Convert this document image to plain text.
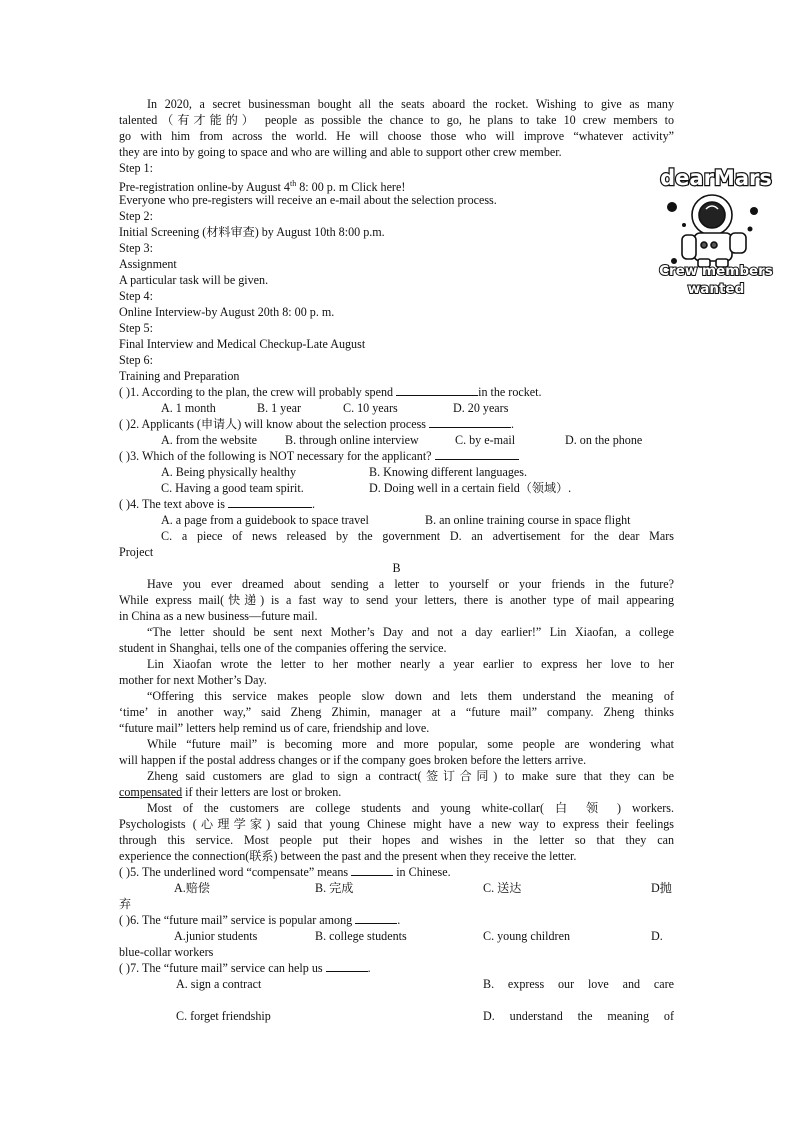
In 2020, a secret businessman bought all the seats aboard the rocket. Wishing to give as many
talented（有才能的） people as possible the chance to go, he plans to take 10 crew members to
go with him from across the world. He will choose those who will improve “whatever activity”
they are into by going to space and who are willing and able to support other crew member.
Step 1:
Pre-registration online-by August 4th 8: 00 p. m Click here!
Everyone who pre-registers will receive an e-mail about the selection process.
Step 2:
Initial Screening (材料审查) by August 10th 8:00 p.m.
Step 3:
Assignment
A particular task will be given.
Step 4:
Online Interview-by August 20th 8: 00 p. m.
Step 5:
Final Interview and Medical Checkup-Late August
Step 6:
Training and Preparation
( )1. According to the plan, the crew will probably spend	in the rocket.
A. 1 month	B. 1 year	C. 10 years	D. 20 years
( )2. Applicants (申请人) will know about the selection process	.
A. from the website B. through online interview	C. by e-mail	D. on the phone
( )3. Which of the following is NOT necessary for the applicant?
A. Being physically healthy	B. Knowing different languages.
C. Having a good team spirit.	D. Doing well in a certain field（领域）.
( )4. The text above is	.
A. a page from a guidebook to space travel	B. an online training course in space flight
C. a piece of news released by the government D. an advertisement for the dear Mars
Project
B
Have you ever dreamed about sending a letter to yourself or your friends in the future?
While express mail(快递) is a fast way to send your letters, there is another type of mail appearing
in China as a new business—future mail.
“The letter should be sent next Mother’s Day and not a day earlier!” Lin Xiaofan, a college
student in Shanghai, tells one of the companies offering the service.
Lin Xiaofan wrote the letter to her mother nearly a year earlier to express her love to her
mother for next Mother’s Day.
“Offering this service makes people slow down and lets them understand the meaning of
‘time’ in another way,” said Zheng Zhimin, manager at a “future mail” company. Zheng thinks
“future mail” letters help remind us of care, friendship and love.
While “future mail” is becoming more and more popular, some people are wondering what
will happen if the postal address changes or if the company goes broken before the letters arrive.
Zheng said customers are glad to sign a contract(签订合同) to make sure that they can be
compensated if their letters are lost or broken.
Most of the customers are college students and young white-collar( 白 领 ) workers.
Psychologists (心理学家) said that young Chinese might have a new way to express their feelings
through this service. Most people put their hopes and wishes in the letter so that they can
experience the connection(联系) between the past and the present when they receive the letter.
( )5. The underlined word “compensate” means	in Chinese.
A.赔偿	B. 完成	C. 送达	D抛
弃
( )6. The “future mail” service is popular among	.
A.junior students	B. college students	C. young children	D.
blue-collar workers
( )7. The “future mail” service can help us	.
A. sign a contract	B. express our love and care
C. forget friendship	D. understand the meaning of
dearMars
Crew members
wanted
